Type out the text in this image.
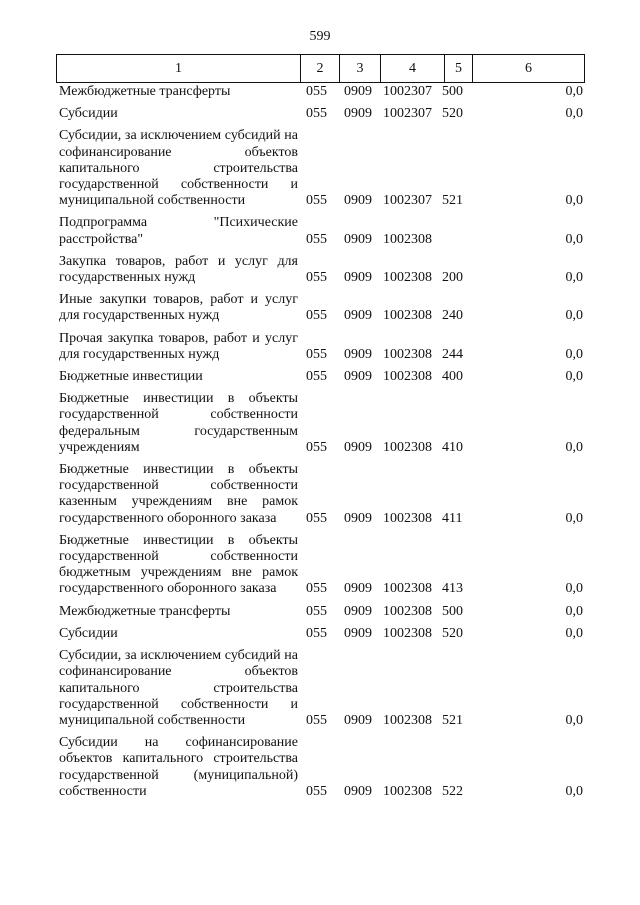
599
1	2	3	4	5	6
Межбюджетные трансферты	055 0909 1002307 500	0,0
Субсидии	055 0909 1002307 520	0,0
Субсидии, за исключением субсидий на софинансирование объектов капитального строительства государственной собственности и муниципальной собственности	055 0909 1002307 521	0,0
Подпрограмма "Психические расстройства"	055 0909 1002308	0,0
Закупка товаров, работ и услуг для государственных нужд	055 0909 1002308 200	0,0
Иные закупки товаров, работ и услуг для государственных нужд	055 0909 1002308 240	0,0
Прочая закупка товаров, работ и услуг для государственных нужд	055 0909 1002308 244	0,0
Бюджетные инвестиции	055 0909 1002308 400	0,0
Бюджетные инвестиции в объекты государственной собственности федеральным государственным учреждениям	055 0909 1002308 410	0,0
Бюджетные инвестиции в объекты государственной собственности казенным учреждениям вне рамок государственного оборонного заказа	055 0909 1002308 411	0,0
Бюджетные инвестиции в объекты государственной собственности бюджетным учреждениям вне рамок государственного оборонного заказа	055 0909 1002308 413	0,0
Межбюджетные трансферты	055 0909 1002308 500	0,0
Субсидии	055 0909 1002308 520	0,0
Субсидии, за исключением субсидий на софинансирование объектов капитального строительства государственной собственности и муниципальной собственности	055 0909 1002308 521	0,0
Субсидии на софинансирование объектов капитального строительства государственной (муниципальной) собственности	055 0909 1002308 522	0,0
